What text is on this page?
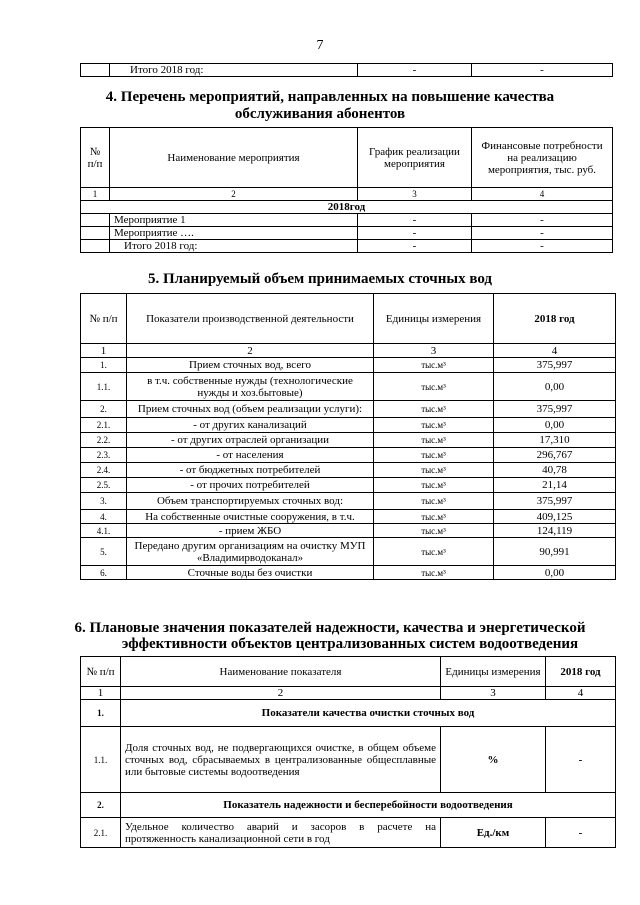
7
	Итого 2018 год:	-	-
4. Перечень мероприятий, направленных на повышение качества
обслуживания абонентов
№ п/п	Наименование мероприятия	График реализации мероприятия	Финансовые потребности на реализацию мероприятия, тыс. руб.
1	2	3	4
2018год			
	Мероприятие 1	-	-
	Мероприятие ….	-	-
	Итого 2018 год:	-	-
5. Планируемый объем принимаемых сточных вод
№ п/п	Показатели производственной деятельности	Единицы измерения	2018 год
1	2	3	4
1.	Прием сточных вод, всего	тыс.м³	375,997
1.1.	в т.ч. собственные нужды (технологические нужды и хоз.бытовые)	тыс.м³	0,00
2.	Прием сточных вод (объем реализации услуги):	тыс.м³	375,997
2.1.	- от других канализаций	тыс.м³	0,00
2.2.	- от других отраслей организации	тыс.м³	17,310
2.3.	- от населения	тыс.м³	296,767
2.4.	- от бюджетных потребителей	тыс.м³	40,78
2.5.	- от прочих потребителей	тыс.м³	21,14
3.	Объем транспортируемых сточных вод:	тыс.м³	375,997
4.	На собственные очистные сооружения, в т.ч.	тыс.м³	409,125
4.1.	- прием ЖБО	тыс.м³	124,119
5.	Передано другим организациям на очистку МУП «Владимирводоканал»	тыс.м³	90,991
6.	Сточные воды без очистки	тыс.м³	0,00
6. Плановые значения показателей надежности, качества и энергетической
эффективности объектов централизованных систем водоотведения
№ п/п	Наименование показателя	Единицы измерения	2018 год
1	2	3	4
1.	Показатели качества очистки сточных вод		
1.1.	Доля сточных вод, не подвергающихся очистке, в общем объеме сточных вод, сбрасываемых в централизованные общесплавные или бытовые системы водоотведения	%	-
2.	Показатель надежности и бесперебойности водоотведения		
2.1.	Удельное количество аварий и засоров в расчете на протяженность канализационной сети в год	Ед./км	-
